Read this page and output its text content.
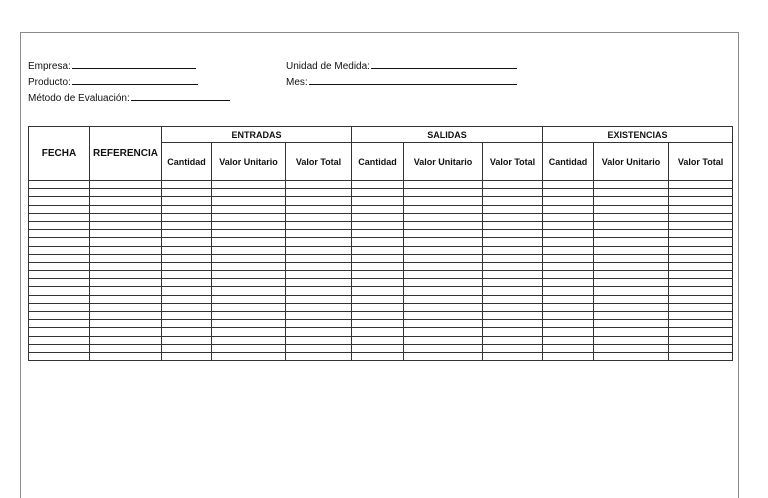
Empresa:
Producto:
Método de Evaluación:
Unidad de Medida:
Mes:
FECHA	REFERENCIA	ENTRADAS			SALIDAS			EXISTENCIAS		
		Cantidad	Valor Unitario	Valor Total	Cantidad	Valor Unitario	Valor Total	Cantidad	Valor Unitario	Valor Total
